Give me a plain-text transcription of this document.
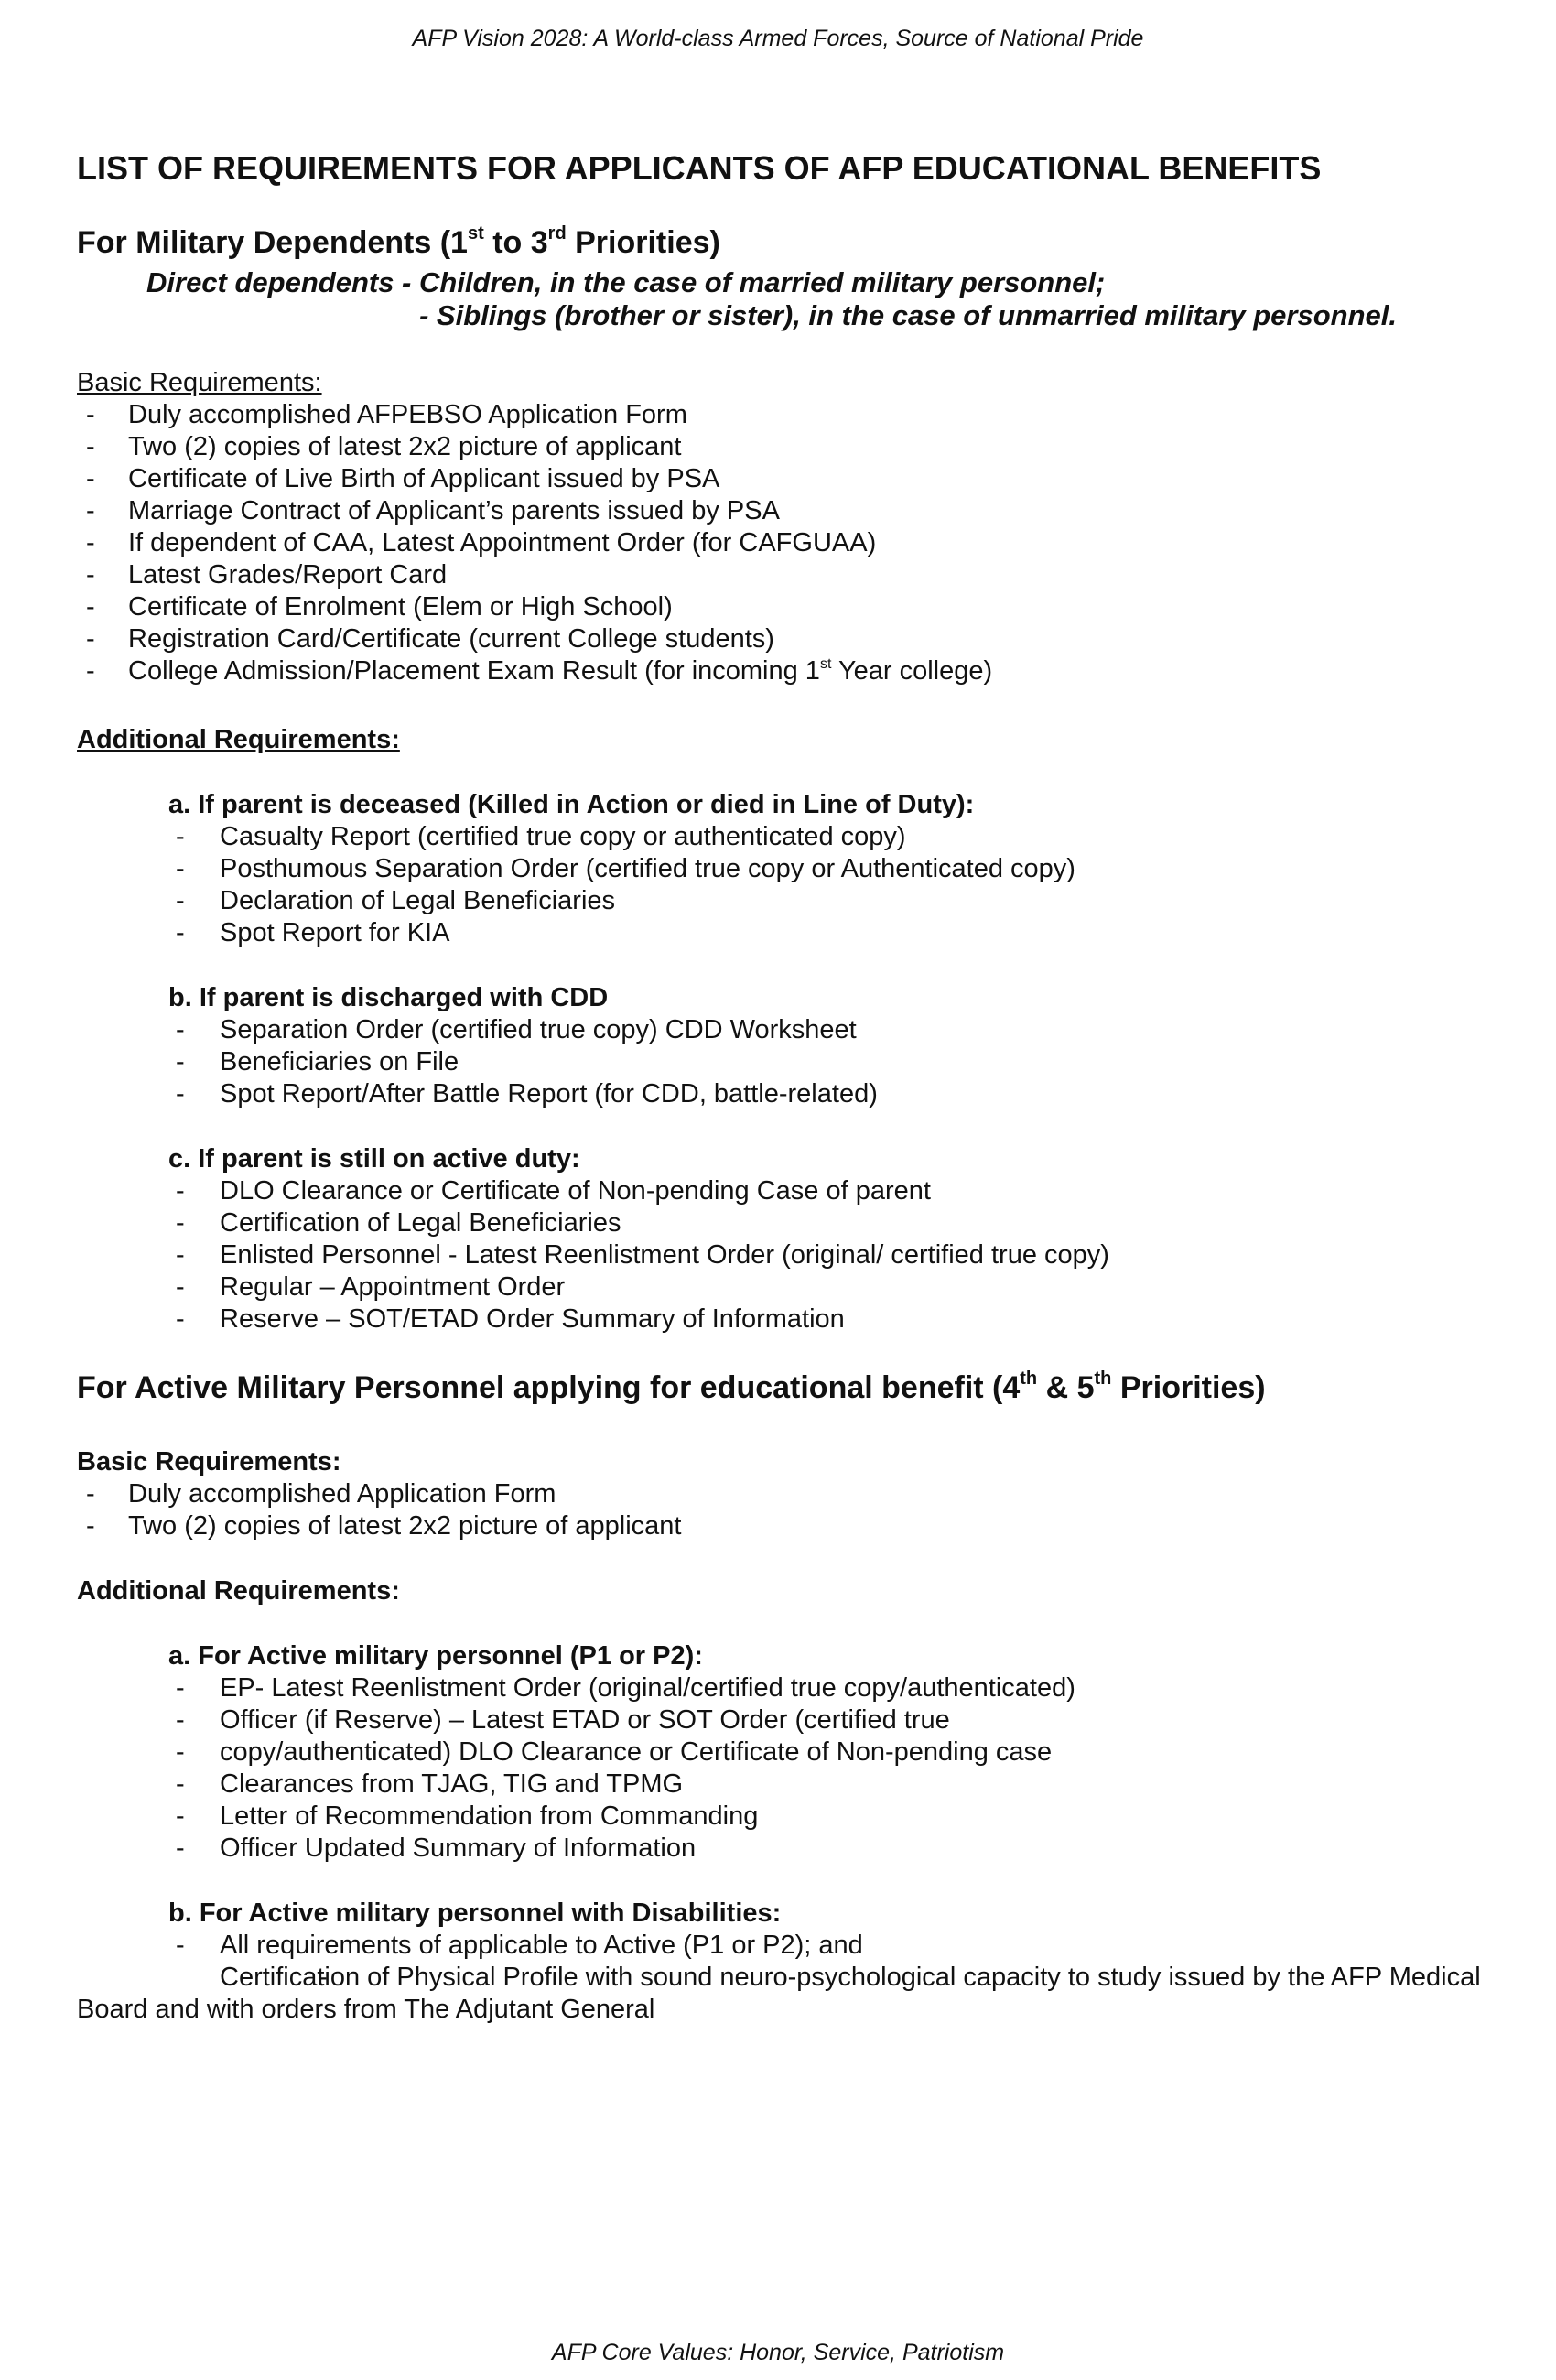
AFP Vision 2028: A World-class Armed Forces, Source of National Pride
LIST OF REQUIREMENTS FOR APPLICANTS OF AFP EDUCATIONAL BENEFITS
For Military Dependents (1st to 3rd Priorities)
Direct dependents - Children, in the case of married military personnel;
- Siblings (brother or sister), in the case of unmarried military personnel.
Basic Requirements:
- Duly accomplished AFPEBSO Application Form
- Two (2) copies of latest 2x2 picture of applicant
- Certificate of Live Birth of Applicant issued by PSA
- Marriage Contract of Applicant’s parents issued by PSA
- If dependent of CAA, Latest Appointment Order (for CAFGUAA)
- Latest Grades/Report Card
- Certificate of Enrolment (Elem or High School)
- Registration Card/Certificate (current College students)
- College Admission/Placement Exam Result (for incoming 1st Year college)
Additional Requirements:
a. If parent is deceased (Killed in Action or died in Line of Duty):
- Casualty Report (certified true copy or authenticated copy)
- Posthumous Separation Order (certified true copy or Authenticated copy)
- Declaration of Legal Beneficiaries
- Spot Report for KIA
b. If parent is discharged with CDD
- Separation Order (certified true copy) CDD Worksheet
- Beneficiaries on File
- Spot Report/After Battle Report (for CDD, battle-related)
c. If parent is still on active duty:
- DLO Clearance or Certificate of Non-pending Case of parent
- Certification of Legal Beneficiaries
- Enlisted Personnel - Latest Reenlistment Order (original/ certified true copy)
- Regular – Appointment Order
- Reserve – SOT/ETAD Order Summary of Information
For Active Military Personnel applying for educational benefit (4th & 5th Priorities)
Basic Requirements:
- Duly accomplished Application Form
- Two (2) copies of latest 2x2 picture of applicant
Additional Requirements:
a. For Active military personnel (P1 or P2):
- EP- Latest Reenlistment Order (original/certified true copy/authenticated)
- Officer (if Reserve) – Latest ETAD or SOT Order (certified true
- copy/authenticated) DLO Clearance or Certificate of Non-pending case
- Clearances from TJAG, TIG and TPMG
- Letter of Recommendation from Commanding
- Officer Updated Summary of Information
b. For Active military personnel with Disabilities:
- All requirements of applicable to Active (P1 or P2); and
- Certification of Physical Profile with sound neuro-psychological capacity to study issued by the AFP Medical Board and with orders from The Adjutant General
AFP Core Values: Honor, Service, Patriotism
